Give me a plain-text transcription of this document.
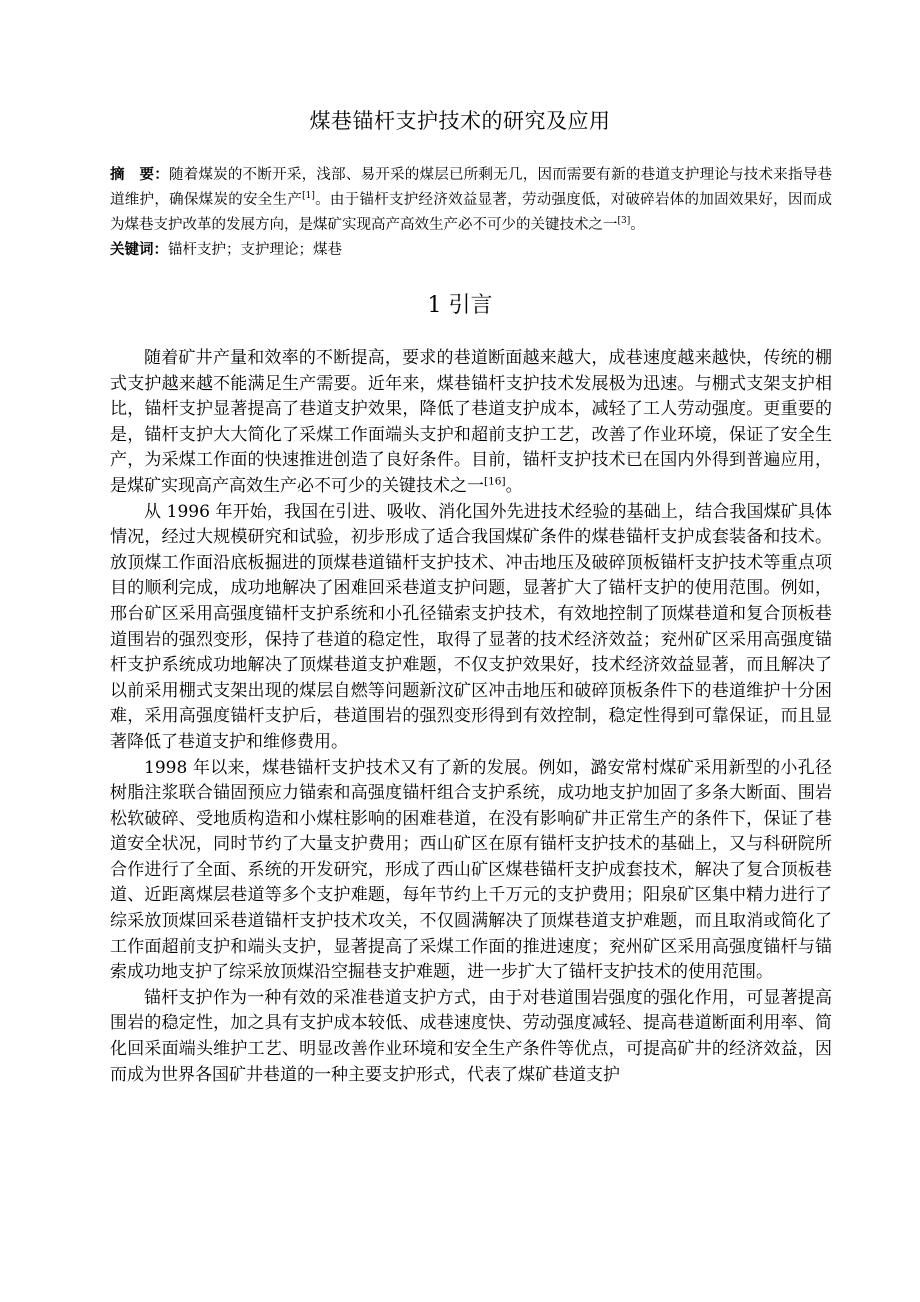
煤巷锚杆支护技术的研究及应用

摘　要：随着煤炭的不断开采，浅部、易开采的煤层已所剩无几，因而需要有新的巷道支护理论与技术来指导巷道维护，确保煤炭的安全生产[1]。由于锚杆支护经济效益显著，劳动强度低，对破碎岩体的加固效果好，因而成为煤巷支护改革的发展方向，是煤矿实现高产高效生产必不可少的关键技术之一[3]。

关键词：锚杆支护；支护理论；煤巷

1 引言

随着矿井产量和效率的不断提高，要求的巷道断面越来越大，成巷速度越来越快，传统的棚式支护越来越不能满足生产需要。近年来，煤巷锚杆支护技术发展极为迅速。与棚式支架支护相比，锚杆支护显著提高了巷道支护效果，降低了巷道支护成本，减轻了工人劳动强度。更重要的是，锚杆支护大大简化了采煤工作面端头支护和超前支护工艺，改善了作业环境，保证了安全生产，为采煤工作面的快速推进创造了良好条件。目前，锚杆支护技术已在国内外得到普遍应用，是煤矿实现高产高效生产必不可少的关键技术之一[16]。

从 1996 年开始，我国在引进、吸收、消化国外先进技术经验的基础上，结合我国煤矿具体情况，经过大规模研究和试验，初步形成了适合我国煤矿条件的煤巷锚杆支护成套装备和技术。放顶煤工作面沿底板掘进的顶煤巷道锚杆支护技术、冲击地压及破碎顶板锚杆支护技术等重点项目的顺利完成，成功地解决了困难回采巷道支护问题，显著扩大了锚杆支护的使用范围。例如，邢台矿区采用高强度锚杆支护系统和小孔径锚索支护技术，有效地控制了顶煤巷道和复合顶板巷道围岩的强烈变形，保持了巷道的稳定性，取得了显著的技术经济效益；兖州矿区采用高强度锚杆支护系统成功地解决了顶煤巷道支护难题，不仅支护效果好，技术经济效益显著，而且解决了以前采用棚式支架出现的煤层自燃等问题新汶矿区冲击地压和破碎顶板条件下的巷道维护十分困难，采用高强度锚杆支护后，巷道围岩的强烈变形得到有效控制，稳定性得到可靠保证，而且显著降低了巷道支护和维修费用。

1998 年以来，煤巷锚杆支护技术又有了新的发展。例如，潞安常村煤矿采用新型的小孔径树脂注浆联合锚固预应力锚索和高强度锚杆组合支护系统，成功地支护加固了多条大断面、围岩松软破碎、受地质构造和小煤柱影响的困难巷道，在没有影响矿井正常生产的条件下，保证了巷道安全状况，同时节约了大量支护费用；西山矿区在原有锚杆支护技术的基础上，又与科研院所合作进行了全面、系统的开发研究，形成了西山矿区煤巷锚杆支护成套技术，解决了复合顶板巷道、近距离煤层巷道等多个支护难题，每年节约上千万元的支护费用；阳泉矿区集中精力进行了综采放顶煤回采巷道锚杆支护技术攻关，不仅圆满解决了顶煤巷道支护难题，而且取消或简化了工作面超前支护和端头支护，显著提高了采煤工作面的推进速度；兖州矿区采用高强度锚杆与锚索成功地支护了综采放顶煤沿空掘巷支护难题，进一步扩大了锚杆支护技术的使用范围。

锚杆支护作为一种有效的采准巷道支护方式，由于对巷道围岩强度的强化作用，可显著提高围岩的稳定性，加之具有支护成本较低、成巷速度快、劳动强度减轻、提高巷道断面利用率、简化回采面端头维护工艺、明显改善作业环境和安全生产条件等优点，可提高矿井的经济效益，因而成为世界各国矿井巷道的一种主要支护形式，代表了煤矿巷道支护
